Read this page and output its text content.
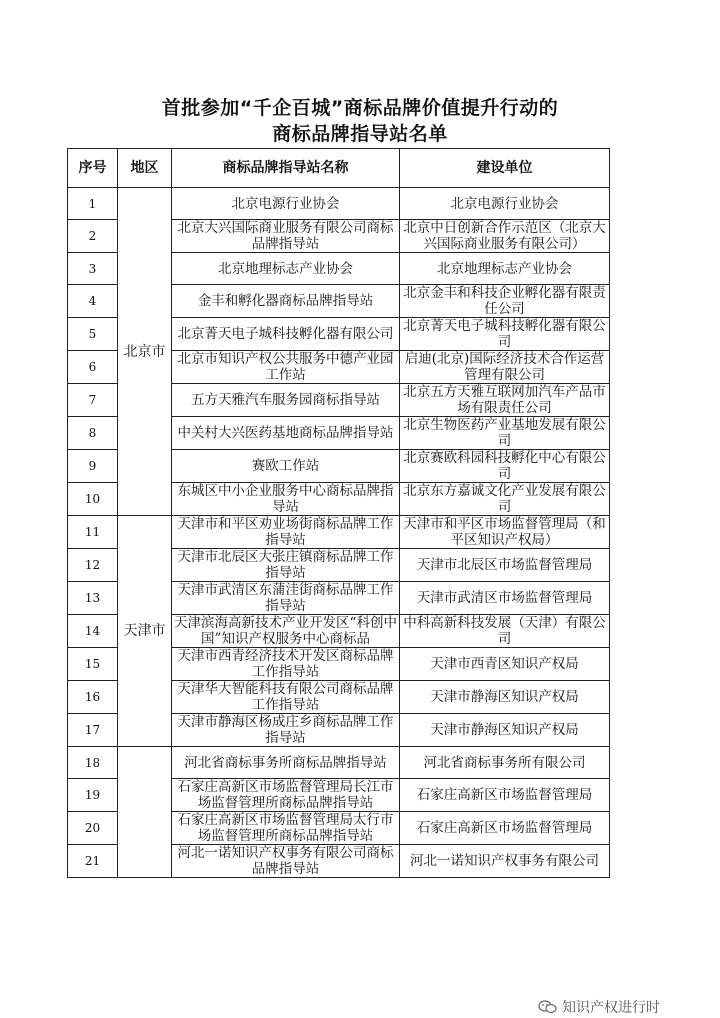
首批参加“千企百城”商标品牌价值提升行动的
商标品牌指导站名单
序号	地区	商标品牌指导站名称	建设单位
1	北京市	北京电源行业协会	北京电源行业协会
2		北京大兴国际商业服务有限公司商标品牌指导站	北京中日创新合作示范区（北京大兴国际商业服务有限公司）
3		北京地理标志产业协会	北京地理标志产业协会
4		金丰和孵化器商标品牌指导站	北京金丰和科技企业孵化器有限责任公司
5		北京菁天电子城科技孵化器有限公司	北京菁天电子城科技孵化器有限公司
6		北京市知识产权公共服务中德产业园工作站	启迪(北京)国际经济技术合作运营管理有限公司
7		五方天雅汽车服务园商标指导站	北京五方天雅互联网加汽车产品市场有限责任公司
8		中关村大兴医药基地商标品牌指导站	北京生物医药产业基地发展有限公司
9		赛欧工作站	北京赛欧科园科技孵化中心有限公司
10		东城区中小企业服务中心商标品牌指导站	北京东方嘉诚文化产业发展有限公司
11	天津市	天津市和平区劝业场街商标品牌工作指导站	天津市和平区市场监督管理局（和平区知识产权局）
12		天津市北辰区大张庄镇商标品牌工作指导站	天津市北辰区市场监督管理局
13		天津市武清区东蒲洼街商标品牌工作指导站	天津市武清区市场监督管理局
14		天津滨海高新技术产业开发区“科创中国”知识产权服务中心商标品	中科高新科技发展（天津）有限公司
15		天津市西青经济技术开发区商标品牌工作指导站	天津市西青区知识产权局
16		天津华大智能科技有限公司商标品牌工作指导站	天津市静海区知识产权局
17		天津市静海区杨成庄乡商标品牌工作指导站	天津市静海区知识产权局
18		河北省商标事务所商标品牌指导站	河北省商标事务所有限公司
19		石家庄高新区市场监督管理局长江市场监督管理所商标品牌指导站	石家庄高新区市场监督管理局
20		石家庄高新区市场监督管理局太行市场监督管理所商标品牌指导站	石家庄高新区市场监督管理局
21		河北一诺知识产权事务有限公司商标品牌指导站	河北一诺知识产权事务有限公司
知识产权进行时
